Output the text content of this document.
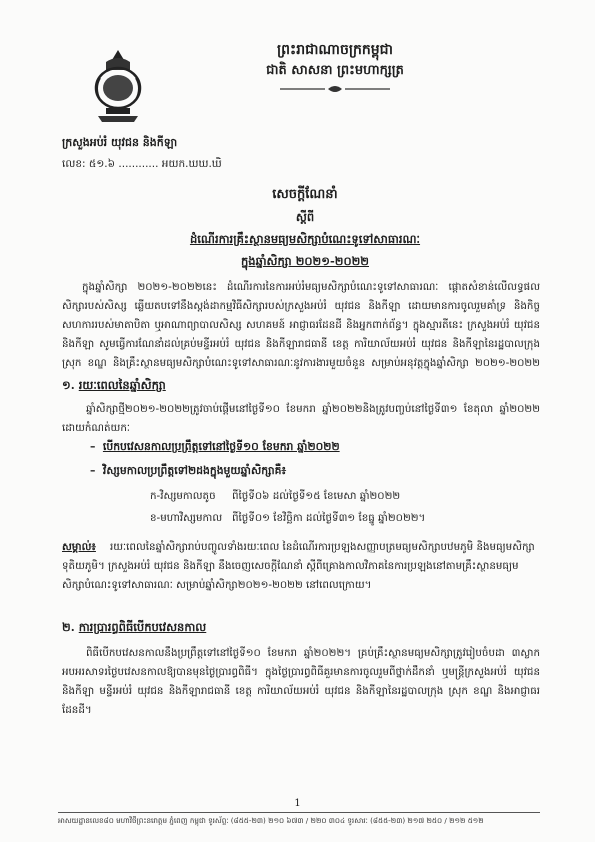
ព្រះរាជាណាចក្រកម្ពុជា
ជាតិ សាសនា ព្រះមហាក្សត្រ
ក្រសួងអប់រំ យុវជន និងកីឡា
លេខ: ៥១.៦ ............ អយក.ឃឃ.ឃិ
សេចក្តីណែនាំ
ស្តីពី
ដំណើរការគ្រឹះស្ថានមធ្យមសិក្សាបំណេះទូទៅសាធារណៈ
ក្នុងឆ្នាំសិក្សា ២០២១-២០២២
ក្នុងឆ្នាំសិក្សា ២០២១-២០២២នេះ ដំណើរការនៃការអប់រំមធ្យមសិក្សាបំណេះទូទៅសាធារណៈ ផ្តោតសំខាន់លើលទ្ធផលសិក្សារបស់សិស្ស ឆ្លើយតបទៅនឹងស្តង់ដាកម្មវិធីសិក្សារបស់ក្រសួងអប់រំ យុវជន និងកីឡា ដោយមានការចូលរួមគាំទ្រ និងកិច្ចសហការរបស់មាតាបិតា ឬអាណាព្យាបាលសិស្ស សហគមន៍ អាជ្ញាធរដែនដី និងអ្នកពាក់ព័ន្ធ។ ក្នុងស្មារតីនេះ ក្រសួងអប់រំ យុវជន និងកីឡា សូមធ្វើការណែនាំដល់គ្រប់មន្ទីរអប់រំ យុវជន និងកីឡារាជធានី ខេត្ត ការិយាល័យអប់រំ យុវជន និងកីឡានៃរដ្ឋបាលក្រុង ស្រុក ខណ្ឌ និងគ្រឹះស្ថានមធ្យមសិក្សាបំណេះទូទៅសាធារណៈនូវការងារមួយចំនួន សម្រាប់អនុវត្តក្នុងឆ្នាំសិក្សា ២០២១-២០២២
១. រយៈពេលនៃឆ្នាំសិក្សា
ឆ្នាំសិក្សាថ្មី២០២១-២០២២ត្រូវចាប់ផ្តើមនៅថ្ងៃទី១០ ខែមករា ឆ្នាំ២០២២និងត្រូវបញ្ចប់នៅថ្ងៃទី៣១ ខែតុលា ឆ្នាំ២០២២ ដោយកំណត់យកៈ
–  បើកបវេសនកាលប្រព្រឹត្តទៅនៅថ្ងៃទី១០ ខែមករា ឆ្នាំ២០២២
–  វិស្សមកាលប្រព្រឹត្តទៅ២ដងក្នុងមួយឆ្នាំសិក្សាគឺ៖
ក-វិស្សមកាលតូច ពីថ្ងៃទី០៦ ដល់ថ្ងៃទី១៥ ខែមេសា ឆ្នាំ២០២២
ខ-មហាវិស្សមកាល ពីថ្ងៃទី០១ ខែវិច្ឆិកា ដល់ថ្ងៃទី៣១ ខែធ្នូ ឆ្នាំ២០២២។
សម្គាល់៖ រយៈពេលនៃឆ្នាំសិក្សារាប់បញ្ចូលទាំងរយៈពេល នៃដំណើរការប្រឡងសញ្ញាបត្រមធ្យមសិក្សាបឋមភូមិ និងមធ្យមសិក្សាទុតិយភូមិ។ ក្រសួងអប់រំ យុវជន និងកីឡា នឹងចេញសេចក្តីណែនាំ ស្តីពីគ្រោងកាលវិភាគនៃការប្រឡងនៅតាមគ្រឹះស្ថានមធ្យមសិក្សាបំណេះទូទៅសាធារណៈ សម្រាប់ឆ្នាំសិក្សា២០២១-២០២២ នៅពេលក្រោយ។
២. ការប្រារព្ធពិធីបើកបវេសនកាល
ពិធីបើកបវេសនកាលនឹងប្រព្រឹត្តទៅនៅថ្ងៃទី១០ ខែមករា ឆ្នាំ២០២២។ គ្រប់គ្រឹះស្ថានមធ្យមសិក្សាត្រូវរៀបចំបដា ៣ស្លាកអបអរសាទរថ្ងៃបវេសនកាលឱ្យបានមុនថ្ងៃប្រារព្ធពិធី។ ក្នុងថ្ងៃប្រារព្ធពិធីគួរមានការចូលរួមពីថ្នាក់ដឹកនាំ ឬមន្ត្រីក្រសួងអប់រំ យុវជន និងកីឡា មន្ទីរអប់រំ យុវជន និងកីឡារាជធានី ខេត្ត ការិយាល័យអប់រំ យុវជន និងកីឡានៃរដ្ឋបាលក្រុង ស្រុក ខណ្ឌ និងអាជ្ញាធរដែនដី។
1
អាសយដ្ឋានលេខ៨០ មហាវិថីព្រះនរោត្តម ភ្នំពេញ កម្ពុជា ទូរស័ព្ទៈ (៨៥៥-២៣) ២១០ ៦៧៣ / ២២០ ៣០៤ ទូរសារៈ (៨៥៥-២៣) ២១៧ ២៥០ / ២១២ ៥១២
